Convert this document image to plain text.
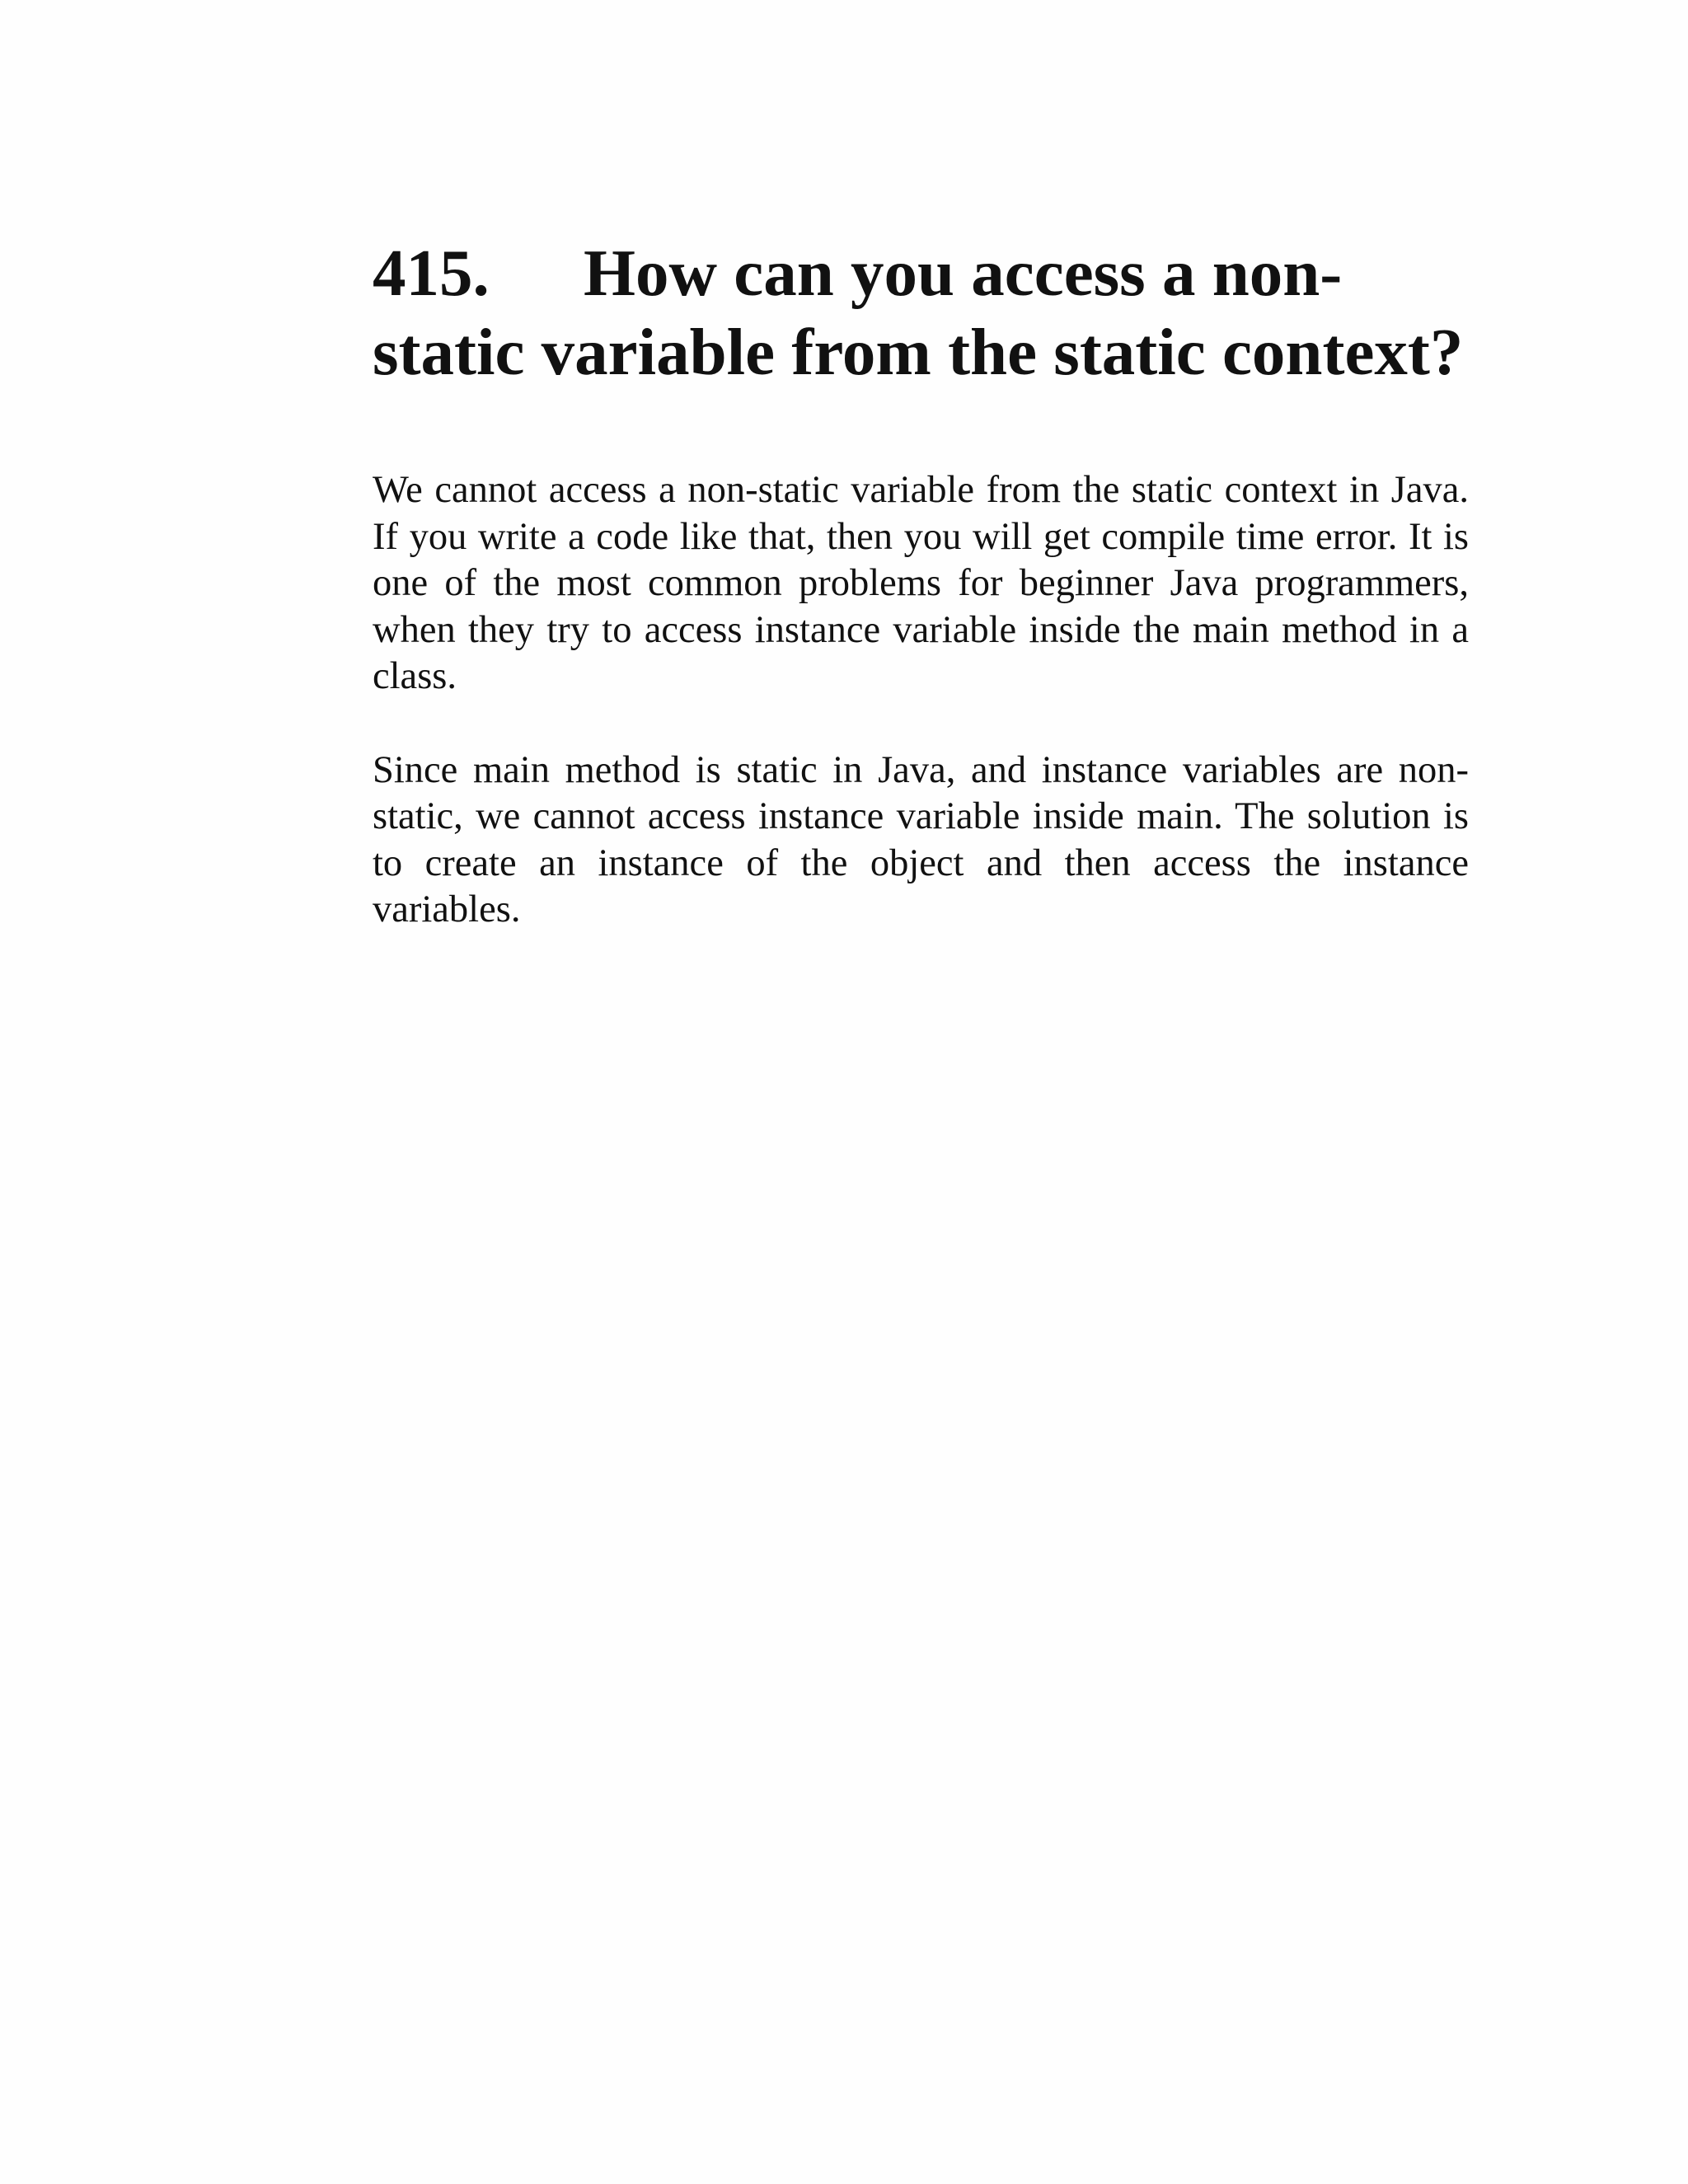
415. How can you access a non-static variable from the static context?

We cannot access a non-static variable from the static context in Java. If you write a code like that, then you will get compile time error. It is one of the most common problems for beginner Java programmers, when they try to access instance variable inside the main method in a class.

Since main method is static in Java, and instance variables are non-static, we cannot access instance variable inside main. The solution is to create an instance of the object and then access the instance variables.
